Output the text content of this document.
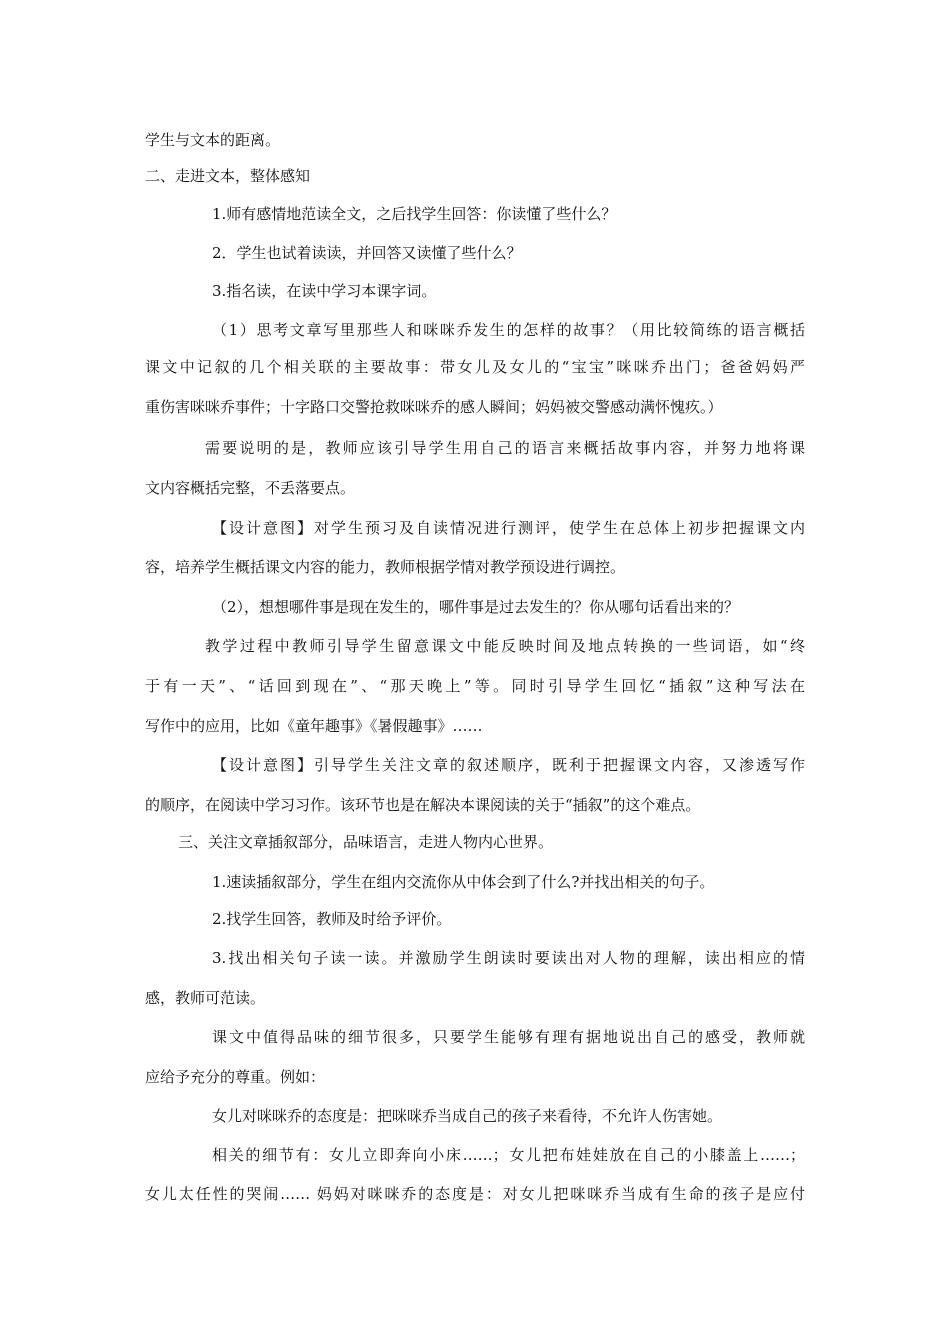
学生与文本的距离。
二、走进文本，整体感知
1.师有感情地范读全文，之后找学生回答：你读懂了些什么？
2．学生也试着读读，并回答又读懂了些什么？
3.指名读，在读中学习本课字词。
（1）思考文章写里那些人和咪咪乔发生的怎样的故事？（用比较简练的语言概括
课文中记叙的几个相关联的主要故事：带女儿及女儿的“宝宝”咪咪乔出门；爸爸妈妈严
重伤害咪咪乔事件；十字路口交警抢救咪咪乔的感人瞬间；妈妈被交警感动满怀愧疚。）
需要说明的是，教师应该引导学生用自己的语言来概括故事内容，并努力地将课
文内容概括完整，不丢落要点。
【设计意图】对学生预习及自读情况进行测评，使学生在总体上初步把握课文内
容，培养学生概括课文内容的能力，教师根据学情对教学预设进行调控。
（2），想想哪件事是现在发生的，哪件事是过去发生的？你从哪句话看出来的？
教学过程中教师引导学生留意课文中能反映时间及地点转换的一些词语，如“终
于有一天”、“话回到现在”、“那天晚上”等。同时引导学生回忆“插叙”这种写法在
写作中的应用，比如《童年趣事》《暑假趣事》……
【设计意图】引导学生关注文章的叙述顺序，既利于把握课文内容，又渗透写作
的顺序，在阅读中学习习作。该环节也是在解决本课阅读的关于“插叙”的这个难点。
三、关注文章插叙部分，品味语言，走进人物内心世界。
1.速读插叙部分，学生在组内交流你从中体会到了什么?并找出相关的句子。
2.找学生回答，教师及时给予评价。
3.找出相关句子读一读。并激励学生朗读时要读出对人物的理解，读出相应的情
感，教师可范读。
课文中值得品味的细节很多，只要学生能够有理有据地说出自己的感受，教师就
应给予充分的尊重。例如：
女儿对咪咪乔的态度是：把咪咪乔当成自己的孩子来看待，不允许人伤害她。
相关的细节有：女儿立即奔向小床……；女儿把布娃娃放在自己的小膝盖上……；
女儿太任性的哭闹…… 妈妈对咪咪乔的态度是：对女儿把咪咪乔当成有生命的孩子是应付
